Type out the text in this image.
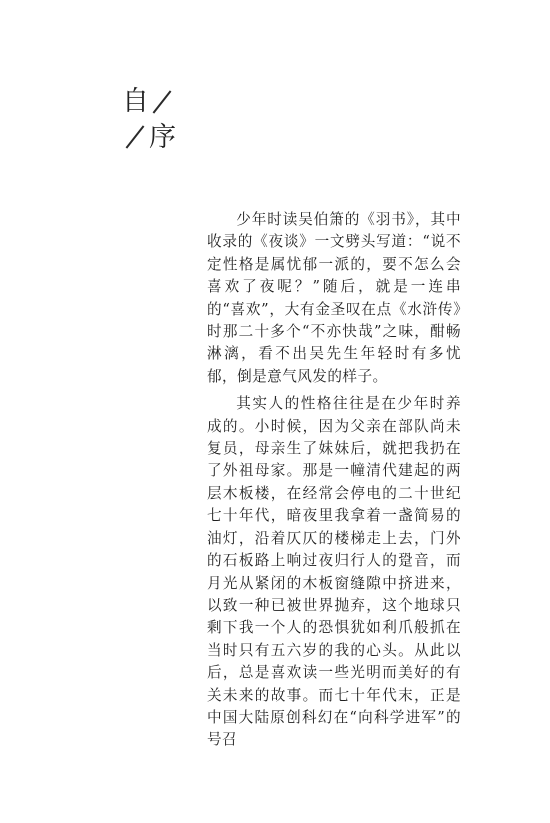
自
序

少年时读吴伯箫的《羽书》，其中收录的《夜谈》一文劈头写道：“说不定性格是属忧郁一派的，要不怎么会喜欢了夜呢？”随后，就是一连串的“喜欢”，大有金圣叹在点《水浒传》时那二十多个“不亦快哉”之味，酣畅淋漓，看不出吴先生年轻时有多忧郁，倒是意气风发的样子。

其实人的性格往往是在少年时养成的。小时候，因为父亲在部队尚未复员，母亲生了妹妹后，就把我扔在了外祖母家。那是一幢清代建起的两层木板楼，在经常会停电的二十世纪七十年代，暗夜里我拿着一盏简易的油灯，沿着仄仄的楼梯走上去，门外的石板路上响过夜归行人的跫音，而月光从紧闭的木板窗缝隙中挤进来，以致一种已被世界抛弃，这个地球只剩下我一个人的恐惧犹如利爪般抓在当时只有五六岁的我的心头。从此以后，总是喜欢读一些光明而美好的有关未来的故事。而七十年代末，正是中国大陆原创科幻在“向科学进军”的号召
